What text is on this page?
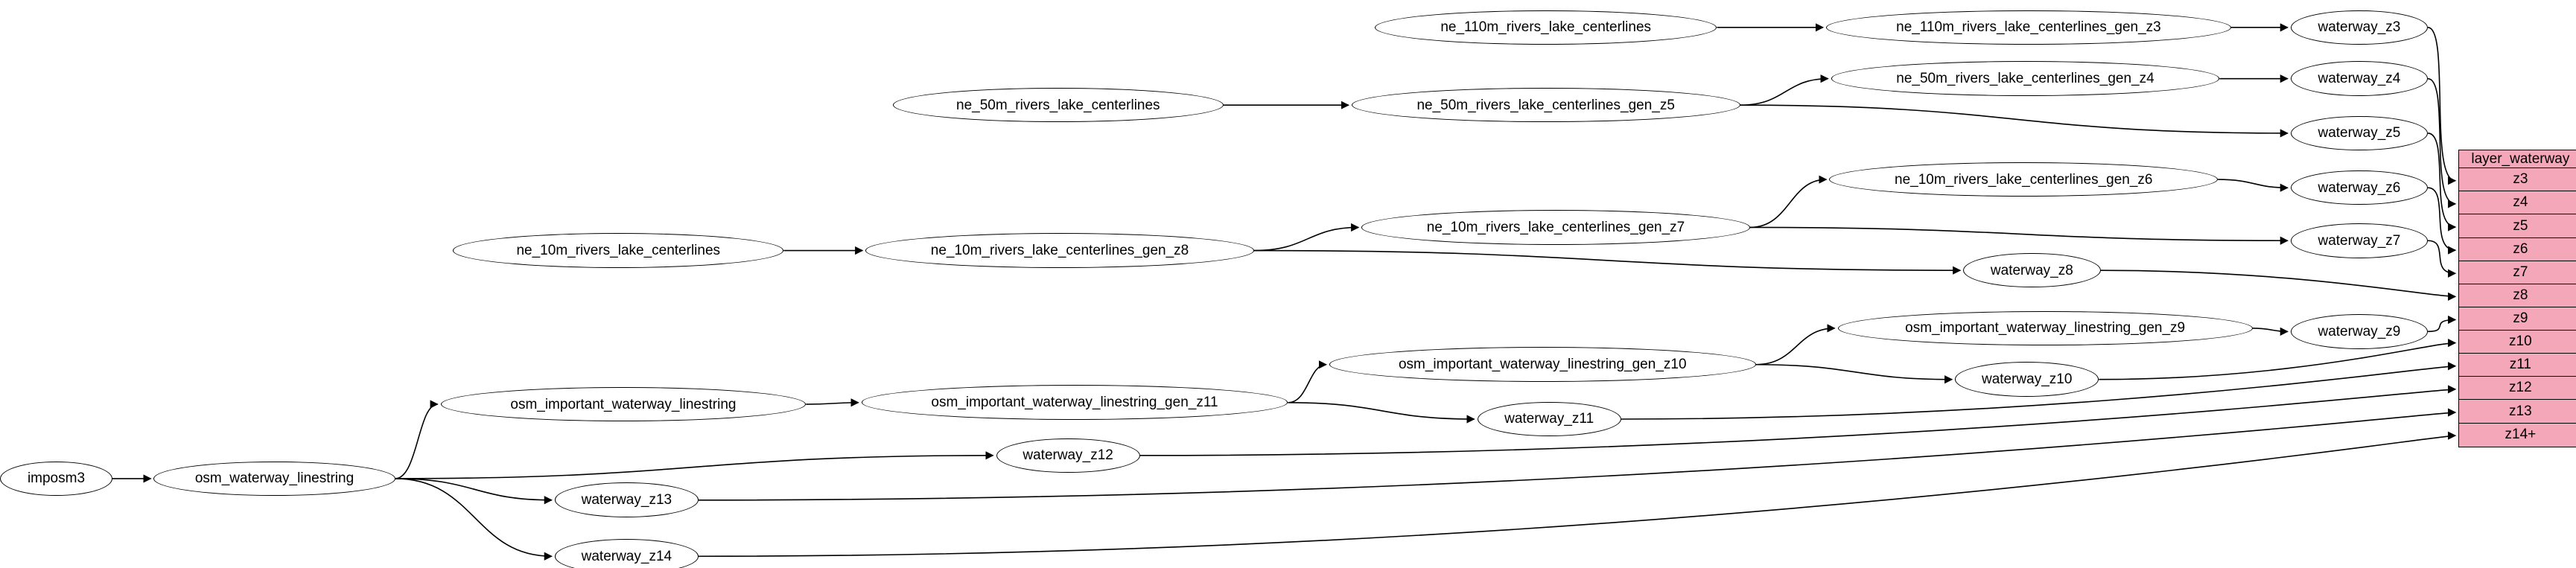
imposm3	osm_waterway_linestring
osm_important_waterway_linestring	osm_important_waterway_linestring_gen_z11
osm_important_waterway_linestring_gen_z10
osm_important_waterway_linestring_gen_z9
ne_110m_rivers_lake_centerlines	ne_110m_rivers_lake_centerlines_gen_z3
ne_50m_rivers_lake_centerlines	ne_50m_rivers_lake_centerlines_gen_z5
ne_50m_rivers_lake_centerlines_gen_z4
ne_10m_rivers_lake_centerlines	ne_10m_rivers_lake_centerlines_gen_z8
ne_10m_rivers_lake_centerlines_gen_z7
ne_10m_rivers_lake_centerlines_gen_z6
waterway_z3
waterway_z4
waterway_z5
waterway_z6
waterway_z7
waterway_z8
waterway_z9
waterway_z10
waterway_z11
waterway_z12
waterway_z13
waterway_z14
layer_waterway
z3
z4
z5
z6
z7
z8
z9
z10
z11
z12
z13
z14+
